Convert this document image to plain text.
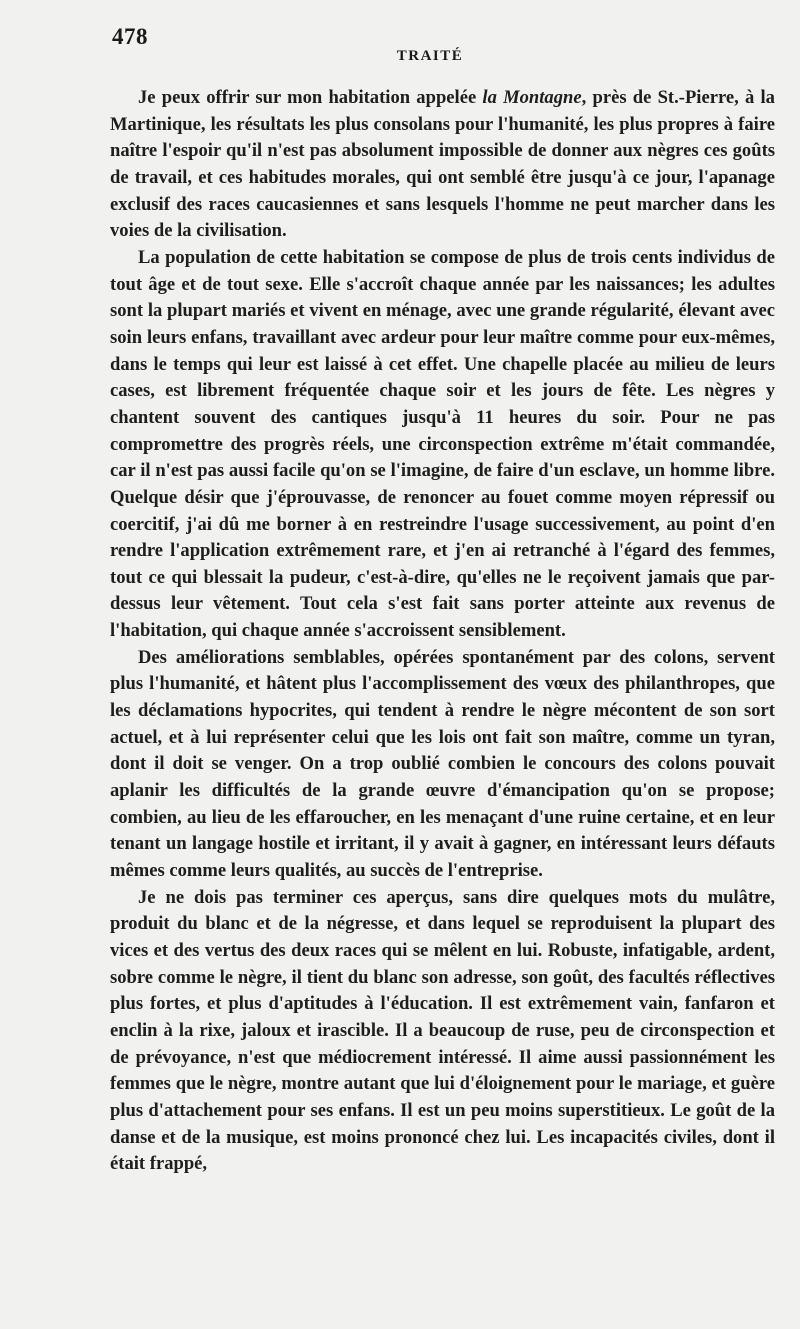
478
TRAITÉ

Je peux offrir sur mon habitation appelée la Montagne, près de St.-Pierre, à la Martinique, les résultats les plus consolans pour l'humanité, les plus propres à faire naître l'espoir qu'il n'est pas absolument impossible de donner aux nègres ces goûts de travail, et ces habitudes morales, qui ont semblé être jusqu'à ce jour, l'apanage exclusif des races caucasiennes et sans lesquels l'homme ne peut marcher dans les voies de la civilisation.

La population de cette habitation se compose de plus de trois cents individus de tout âge et de tout sexe. Elle s'accroît chaque année par les naissances; les adultes sont la plupart mariés et vivent en ménage, avec une grande régularité, élevant avec soin leurs enfans, travaillant avec ardeur pour leur maître comme pour eux-mêmes, dans le temps qui leur est laissé à cet effet. Une chapelle placée au milieu de leurs cases, est librement fréquentée chaque soir et les jours de fête. Les nègres y chantent souvent des cantiques jusqu'à 11 heures du soir. Pour ne pas compromettre des progrès réels, une circonspection extrême m'était commandée, car il n'est pas aussi facile qu'on se l'imagine, de faire d'un esclave, un homme libre. Quelque désir que j'éprouvasse, de renoncer au fouet comme moyen répressif ou coercitif, j'ai dû me borner à en restreindre l'usage successivement, au point d'en rendre l'application extrêmement rare, et j'en ai retranché à l'égard des femmes, tout ce qui blessait la pudeur, c'est-à-dire, qu'elles ne le reçoivent jamais que par-dessus leur vêtement. Tout cela s'est fait sans porter atteinte aux revenus de l'habitation, qui chaque année s'accroissent sensiblement.

Des améliorations semblables, opérées spontanément par des colons, servent plus l'humanité, et hâtent plus l'accomplissement des vœux des philanthropes, que les déclamations hypocrites, qui tendent à rendre le nègre mécontent de son sort actuel, et à lui représenter celui que les lois ont fait son maître, comme un tyran, dont il doit se venger. On a trop oublié combien le concours des colons pouvait aplanir les difficultés de la grande œuvre d'émancipation qu'on se propose; combien, au lieu de les effaroucher, en les menaçant d'une ruine certaine, et en leur tenant un langage hostile et irritant, il y avait à gagner, en intéressant leurs défauts mêmes comme leurs qualités, au succès de l'entreprise.

Je ne dois pas terminer ces aperçus, sans dire quelques mots du mulâtre, produit du blanc et de la négresse, et dans lequel se reproduisent la plupart des vices et des vertus des deux races qui se mêlent en lui. Robuste, infatigable, ardent, sobre comme le nègre, il tient du blanc son adresse, son goût, des facultés réflectives plus fortes, et plus d'aptitudes à l'éducation. Il est extrêmement vain, fanfaron et enclin à la rixe, jaloux et irascible. Il a beaucoup de ruse, peu de circonspection et de prévoyance, n'est que médiocrement intéressé. Il aime aussi passionnément les femmes que le nègre, montre autant que lui d'éloignement pour le mariage, et guère plus d'attachement pour ses enfans. Il est un peu moins superstitieux. Le goût de la danse et de la musique, est moins prononcé chez lui. Les incapacités civiles, dont il était frappé,
